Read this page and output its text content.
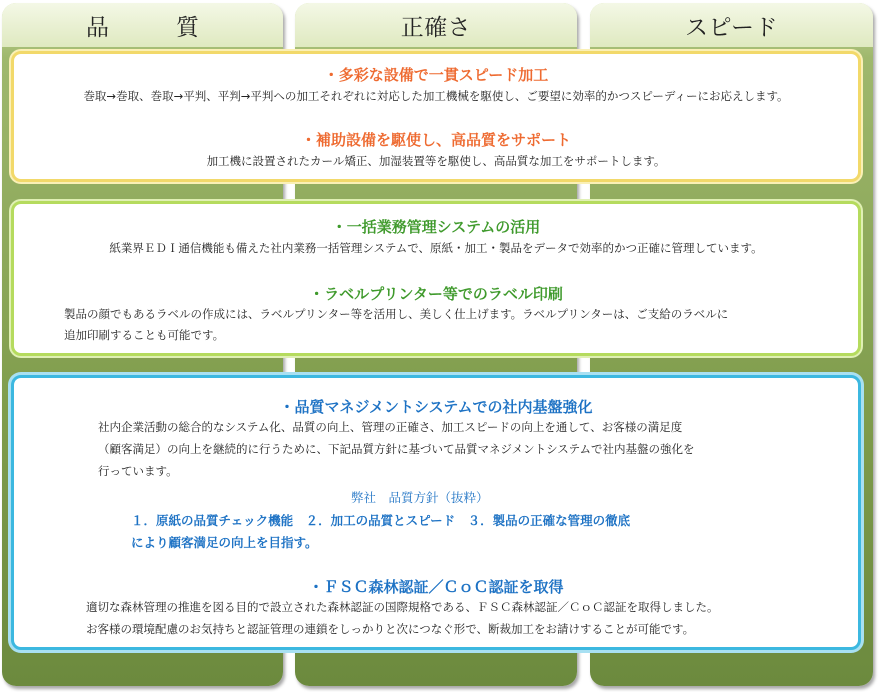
品　質	正確さ	スピード
・多彩な設備で一貫スピード加工
巻取→巻取、巻取→平判、平判→平判への加工それぞれに対応した加工機械を駆使し、ご要望に効率的かつスピーディーにお応えします。
・補助設備を駆使し、高品質をサポート
加工機に設置されたカール矯正、加湿装置等を駆使し、高品質な加工をサポートします。
・一括業務管理システムの活用
紙業界ＥＤＩ通信機能も備えた社内業務一括管理システムで、原紙・加工・製品をデータで効率的かつ正確に管理しています。
・ラベルプリンター等でのラベル印刷
製品の顔でもあるラベルの作成には、ラベルプリンター等を活用し、美しく仕上げます。ラベルプリンターは、ご支給のラベルに
追加印刷することも可能です。
・品質マネジメントシステムでの社内基盤強化
社内企業活動の総合的なシステム化、品質の向上、管理の正確さ、加工スピードの向上を通して、お客様の満足度
（顧客満足）の向上を継続的に行うために、下記品質方針に基づいて品質マネジメントシステムで社内基盤の強化を
行っています。
弊社　品質方針（抜粋）
１．原紙の品質チェック機能　２．加工の品質とスピード　３．製品の正確な管理の徹底
により顧客満足の向上を目指す。
・ＦＳＣ森林認証／ＣｏＣ認証を取得
適切な森林管理の推進を図る目的で設立された森林認証の国際規格である、ＦＳＣ森林認証／ＣｏＣ認証を取得しました。
お客様の環境配慮のお気持ちと認証管理の連鎖をしっかりと次につなぐ形で、断裁加工をお請けすることが可能です。
